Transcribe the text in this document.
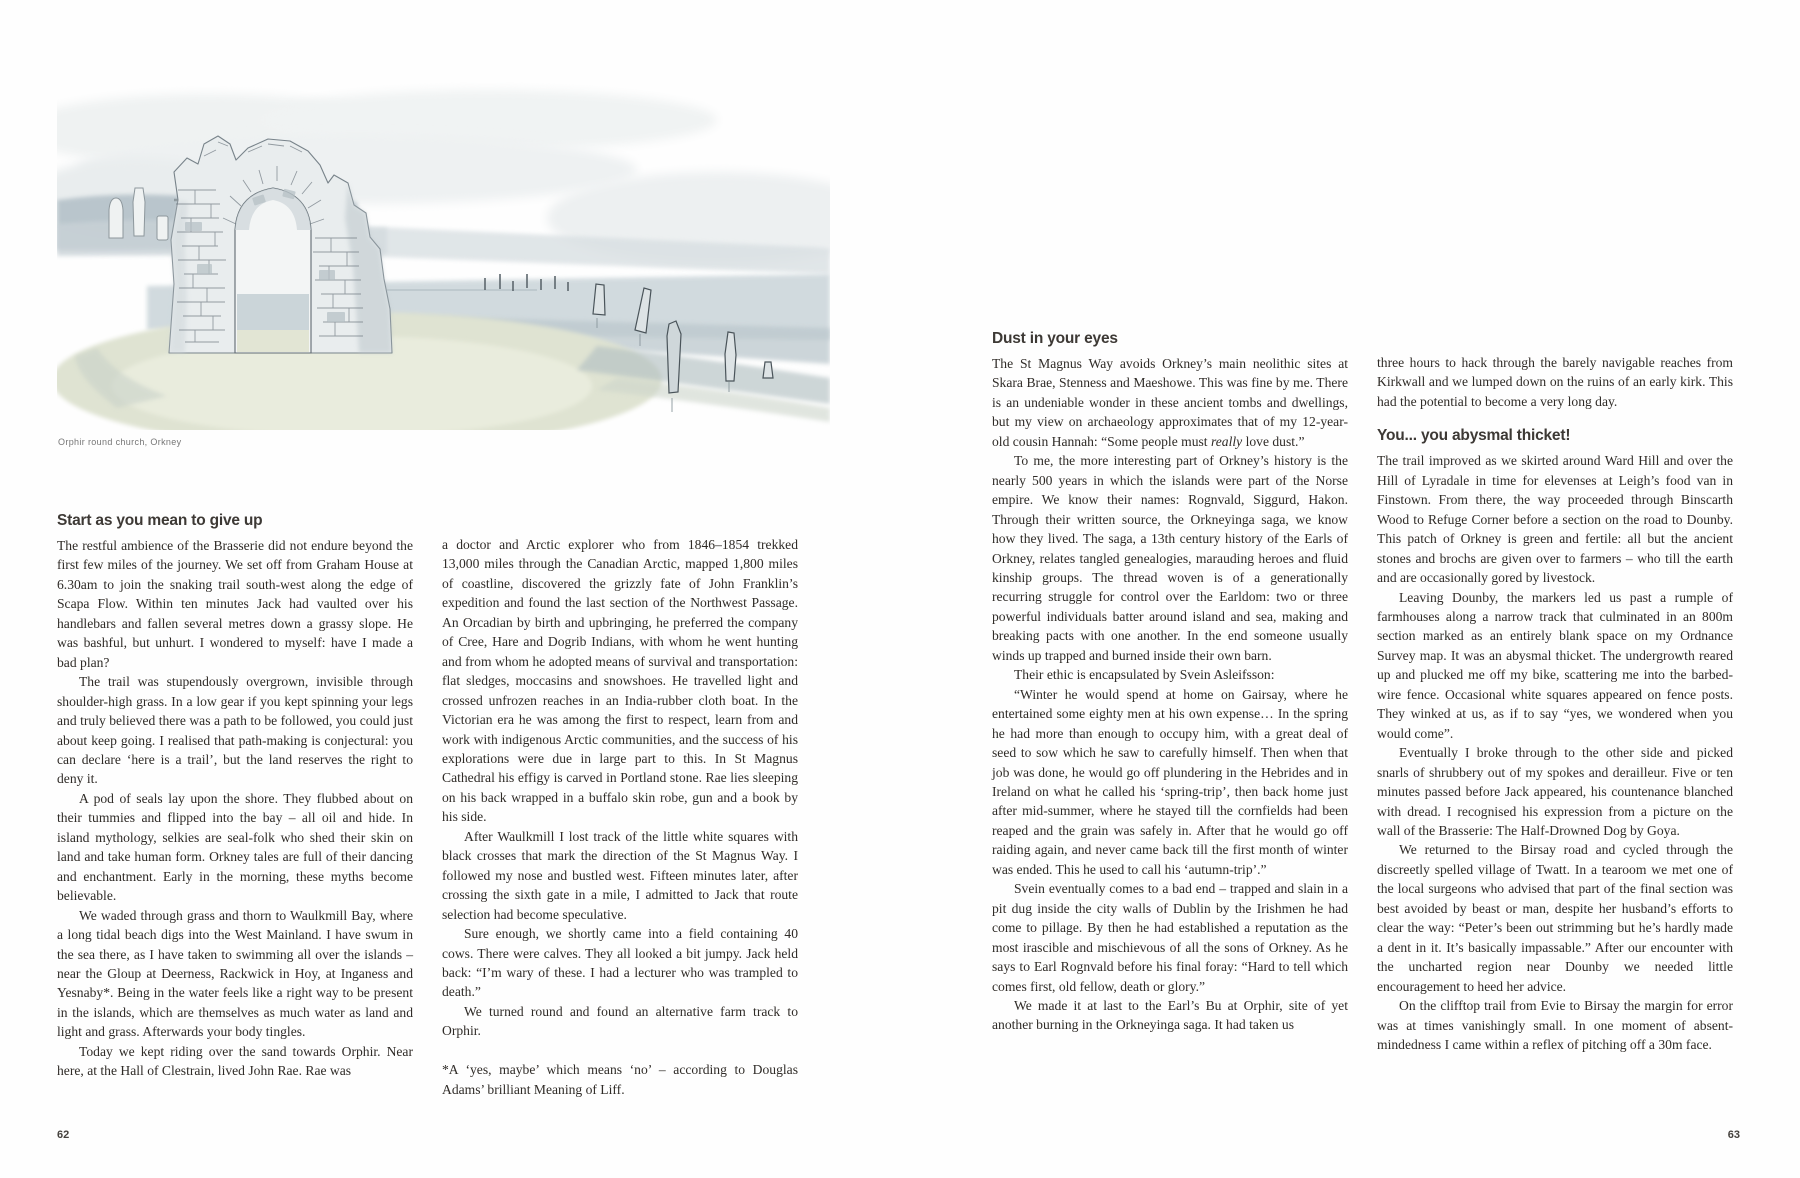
Orphir round church, Orkney
Start as you mean to give up

The restful ambience of the Brasserie did not endure beyond the first few miles of the journey. We set off from Graham House at 6.30am to join the snaking trail south-west along the edge of Scapa Flow. Within ten minutes Jack had vaulted over his handlebars and fallen several metres down a grassy slope. He was bashful, but unhurt. I wondered to myself: have I made a bad plan?

The trail was stupendously overgrown, invisible through shoulder-high grass. In a low gear if you kept spinning your legs and truly believed there was a path to be followed, you could just about keep going. I realised that path-making is conjectural: you can declare ‘here is a trail’, but the land reserves the right to deny it.

A pod of seals lay upon the shore. They flubbed about on their tummies and flipped into the bay – all oil and hide. In island mythology, selkies are seal-folk who shed their skin on land and take human form. Orkney tales are full of their dancing and enchantment. Early in the morning, these myths become believable.

We waded through grass and thorn to Waulkmill Bay, where a long tidal beach digs into the West Mainland. I have swum in the sea there, as I have taken to swimming all over the islands – near the Gloup at Deerness, Rackwick in Hoy, at Inganess and Yesnaby*. Being in the water feels like a right way to be present in the islands, which are themselves as much water as land and light and grass. Afterwards your body tingles.

Today we kept riding over the sand towards Orphir. Near here, at the Hall of Clestrain, lived John Rae. Rae was

a doctor and Arctic explorer who from 1846–1854 trekked 13,000 miles through the Canadian Arctic, mapped 1,800 miles of coastline, discovered the grizzly fate of John Franklin’s expedition and found the last section of the Northwest Passage. An Orcadian by birth and upbringing, he preferred the company of Cree, Hare and Dogrib Indians, with whom he went hunting and from whom he adopted means of survival and transportation: flat sledges, moccasins and snowshoes. He travelled light and crossed unfrozen reaches in an India-rubber cloth boat. In the Victorian era he was among the first to respect, learn from and work with indigenous Arctic communities, and the success of his explorations were due in large part to this. In St Magnus Cathedral his effigy is carved in Portland stone. Rae lies sleeping on his back wrapped in a buffalo skin robe, gun and a book by his side.

After Waulkmill I lost track of the little white squares with black crosses that mark the direction of the St Magnus Way. I followed my nose and bustled west. Fifteen minutes later, after crossing the sixth gate in a mile, I admitted to Jack that route selection had become speculative.

Sure enough, we shortly came into a field containing 40 cows. There were calves. They all looked a bit jumpy. Jack held back: “I’m wary of these. I had a lecturer who was trampled to death.”

We turned round and found an alternative farm track to Orphir.

*A ‘yes, maybe’ which means ‘no’ – according to Douglas Adams’ brilliant Meaning of Liff.

Dust in your eyes

The St Magnus Way avoids Orkney’s main neolithic sites at Skara Brae, Stenness and Maeshowe. This was fine by me. There is an undeniable wonder in these ancient tombs and dwellings, but my view on archaeology approximates that of my 12-year-old cousin Hannah: “Some people must really love dust.”

To me, the more interesting part of Orkney’s history is the nearly 500 years in which the islands were part of the Norse empire. We know their names: Rognvald, Siggurd, Hakon. Through their written source, the Orkneyinga saga, we know how they lived. The saga, a 13th century history of the Earls of Orkney, relates tangled genealogies, marauding heroes and fluid kinship groups. The thread woven is of a generationally recurring struggle for control over the Earldom: two or three powerful individuals batter around island and sea, making and breaking pacts with one another. In the end someone usually winds up trapped and burned inside their own barn.

Their ethic is encapsulated by Svein Asleifsson:

“Winter he would spend at home on Gairsay, where he entertained some eighty men at his own expense… In the spring he had more than enough to occupy him, with a great deal of seed to sow which he saw to carefully himself. Then when that job was done, he would go off plundering in the Hebrides and in Ireland on what he called his ‘spring-trip’, then back home just after mid-summer, where he stayed till the cornfields had been reaped and the grain was safely in. After that he would go off raiding again, and never came back till the first month of winter was ended. This he used to call his ‘autumn-trip’.”

Svein eventually comes to a bad end – trapped and slain in a pit dug inside the city walls of Dublin by the Irishmen he had come to pillage. By then he had established a reputation as the most irascible and mischievous of all the sons of Orkney. As he says to Earl Rognvald before his final foray: “Hard to tell which comes first, old fellow, death or glory.”

We made it at last to the Earl’s Bu at Orphir, site of yet another burning in the Orkneyinga saga. It had taken us

three hours to hack through the barely navigable reaches from Kirkwall and we lumped down on the ruins of an early kirk. This had the potential to become a very long day.

You... you abysmal thicket!

The trail improved as we skirted around Ward Hill and over the Hill of Lyradale in time for elevenses at Leigh’s food van in Finstown. From there, the way proceeded through Binscarth Wood to Refuge Corner before a section on the road to Dounby. This patch of Orkney is green and fertile: all but the ancient stones and brochs are given over to farmers – who till the earth and are occasionally gored by livestock.

Leaving Dounby, the markers led us past a rumple of farmhouses along a narrow track that culminated in an 800m section marked as an entirely blank space on my Ordnance Survey map. It was an abysmal thicket. The undergrowth reared up and plucked me off my bike, scattering me into the barbed-wire fence. Occasional white squares appeared on fence posts. They winked at us, as if to say “yes, we wondered when you would come”.

Eventually I broke through to the other side and picked snarls of shrubbery out of my spokes and derailleur. Five or ten minutes passed before Jack appeared, his countenance blanched with dread. I recognised his expression from a picture on the wall of the Brasserie: The Half-Drowned Dog by Goya.

We returned to the Birsay road and cycled through the discreetly spelled village of Twatt. In a tearoom we met one of the local surgeons who advised that part of the final section was best avoided by beast or man, despite her husband’s efforts to clear the way: “Peter’s been out strimming but he’s hardly made a dent in it. It’s basically impassable.” After our encounter with the uncharted region near Dounby we needed little encouragement to heed her advice.

On the clifftop trail from Evie to Birsay the margin for error was at times vanishingly small. In one moment of absent-mindedness I came within a reflex of pitching off a 30m face.

62	63
